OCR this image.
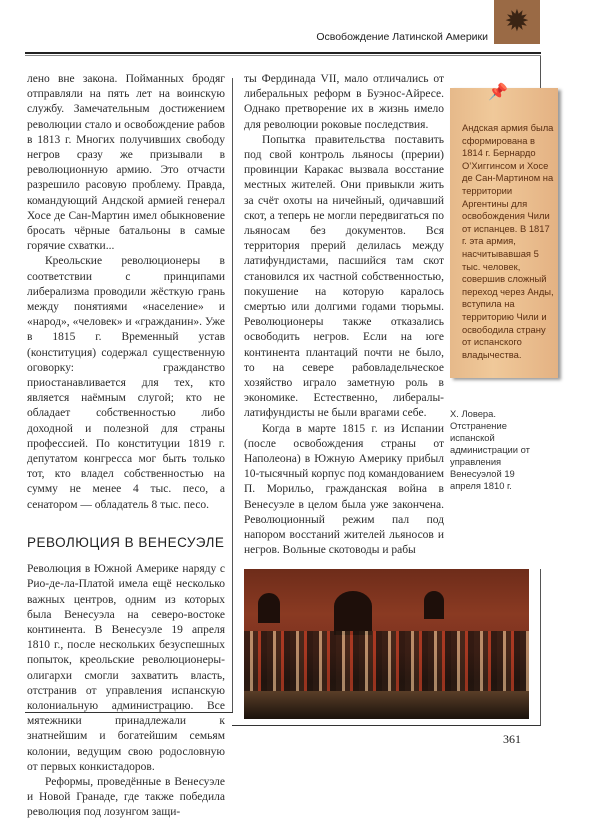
✹
Освобождение Латинской Америки

лено вне закона. Пойманных бродяг отправляли на пять лет на воинскую службу. Замечательным достижением революции стало и освобождение рабов в 1813 г. Многих получивших свободу негров сразу же призывали в революционную армию. Это отчасти разрешило расовую проблему. Правда, командующий Андской армией генерал Хосе де Сан-Мартин имел обыкновение бросать чёрные батальоны в самые горячие схватки...

Креольские революционеры в соответствии с принципами либерализма проводили жёсткую грань между понятиями «население» и «народ», «человек» и «гражданин». Уже в 1815 г. Временный устав (конституция) содержал существенную оговорку: гражданство приостанавливается для тех, кто является наёмным слугой; кто не обладает собственностью либо доходной и полезной для страны профессией. По конституции 1819 г. депутатом конгресса мог быть только тот, кто владел собственностью на сумму не менее 4 тыс. песо, а сенатором — обладатель 8 тыс. песо.

РЕВОЛЮЦИЯ В ВЕНЕСУЭЛЕ

Революция в Южной Америке наряду с Рио-де-ла-Платой имела ещё несколько важных центров, одним из которых была Венесуэла на северо-востоке континента. В Венесуэле 19 апреля 1810 г., после нескольких безуспешных попыток, креольские революционеры-олигархи смогли захватить власть, отстранив от управления испанскую колониальную администрацию. Все мятежники принадлежали к знатнейшим и богатейшим семьям колонии, ведущим свою родословную от первых конкистадоров.

Реформы, проведённые в Венесуэле и Новой Гранаде, где также победила революция под лозунгом защи-

ты Фердинада VII, мало отличались от либеральных реформ в Буэнос-Айресе. Однако претворение их в жизнь имело для революции роковые последствия.

Попытка правительства поставить под свой контроль льяносы (прерии) провинции Каракас вызвала восстание местных жителей. Они привыкли жить за счёт охоты на ничейный, одичавший скот, а теперь не могли передвигаться по льяносам без документов. Вся территория прерий делилась между латифундистами, пасшийся там скот становился их частной собственностью, покушение на которую каралось смертью или долгими годами тюрьмы. Революционеры также отказались освободить негров. Если на юге континента плантаций почти не было, то на севере рабовладельческое хозяйство играло заметную роль в экономике. Естественно, либералы-латифундисты не были врагами себе.

Когда в марте 1815 г. из Испании (после освобождения страны от Наполеона) в Южную Америку прибыл 10-тысячный корпус под командованием П. Морильо, гражданская война в Венесуэле в целом была уже закончена. Революционный режим пал под напором восстаний жителей льяносов и негров. Вольные скотоводы и рабы

361
📌
Андская армия была сформирована в 1814 г. Бернардо О’Хиггинсом и Хосе де Сан-Мартином на территории Аргентины для освобождения Чили от испанцев. В 1817 г. эта армия, насчитывавшая 5 тыс. человек, совершив сложный переход через Анды, вступила на территорию Чили и освободила страну от испанского владычества.
Х. Ловера. Отстранение испанской администрации от управления Венесуэлой 19 апреля 1810 г.
